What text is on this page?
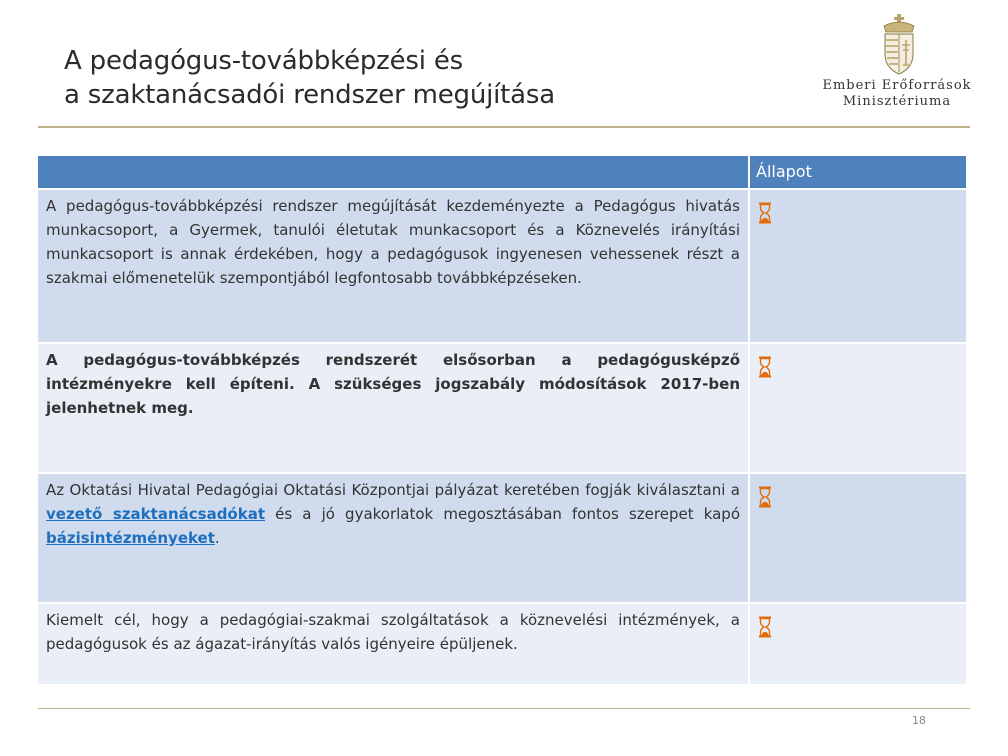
A pedagógus-továbbképzési és
a szaktanácsadói rendszer megújítása	Emberi Erőforrások
Minisztériuma
Állapot
A pedagógus-továbbképzési rendszer megújítását kezdeményezte a Pedagógus hivatás munkacsoport, a Gyermek, tanulói életutak munkacsoport és a Köznevelés irányítási munkacsoport is annak érdekében, hogy a pedagógusok ingyenesen vehessenek részt a szakmai előmenetelük szempontjából legfontosabb továbbképzéseken.
A pedagógus-továbbképzés rendszerét elsősorban a pedagógusképző intézményekre kell építeni. A szükséges jogszabály módosítások 2017-ben jelenhetnek meg.
Az Oktatási Hivatal Pedagógiai Oktatási Központjai pályázat keretében fogják kiválasztani a vezető szaktanácsadókat és a jó gyakorlatok megosztásában fontos szerepet kapó bázisintézményeket.
Kiemelt cél, hogy a pedagógiai-szakmai szolgáltatások a köznevelési intézmények, a pedagógusok és az ágazat-irányítás valós igényeire épüljenek.
18
